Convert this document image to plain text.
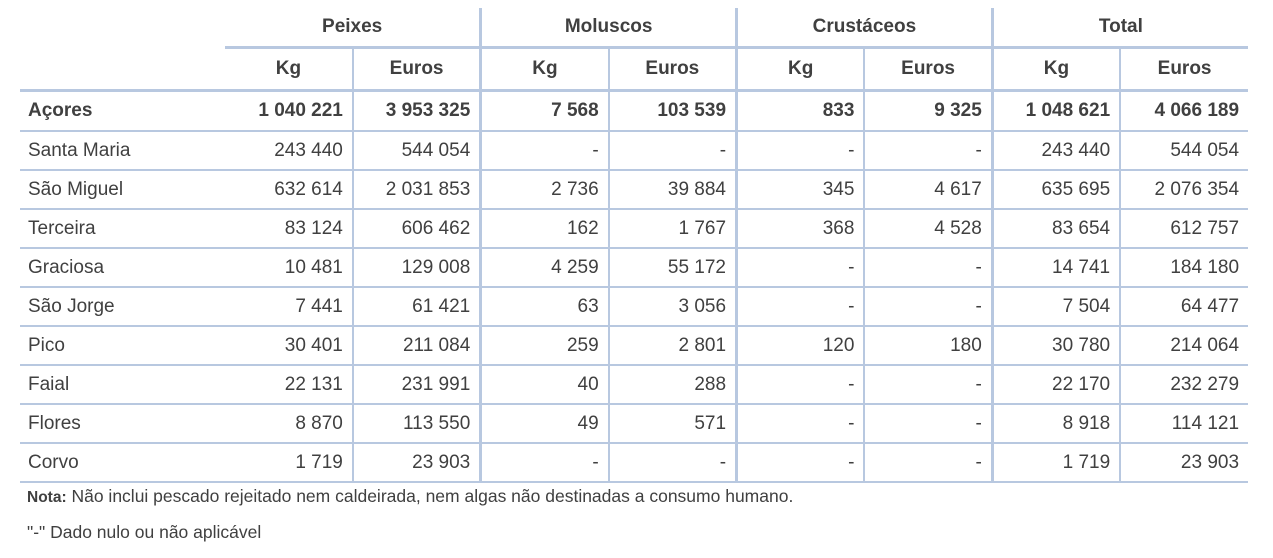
	Peixes		Moluscos		Crustáceos		Total	
	Kg	Euros	Kg	Euros	Kg	Euros	Kg	Euros
Açores	1 040 221	3 953 325	7 568	103 539	833	9 325	1 048 621	4 066 189
Santa Maria	243 440	544 054	-	-	-	-	243 440	544 054
São Miguel	632 614	2 031 853	2 736	39 884	345	4 617	635 695	2 076 354
Terceira	83 124	606 462	162	1 767	368	4 528	83 654	612 757
Graciosa	10 481	129 008	4 259	55 172	-	-	14 741	184 180
São Jorge	7 441	61 421	63	3 056	-	-	7 504	64 477
Pico	30 401	211 084	259	2 801	120	180	30 780	214 064
Faial	22 131	231 991	40	288	-	-	22 170	232 279
Flores	8 870	113 550	49	571	-	-	8 918	114 121
Corvo	1 719	23 903	-	-	-	-	1 719	23 903
Nota: Não inclui pescado rejeitado nem caldeirada, nem algas não destinadas a consumo humano.
"-" Dado nulo ou não aplicável
